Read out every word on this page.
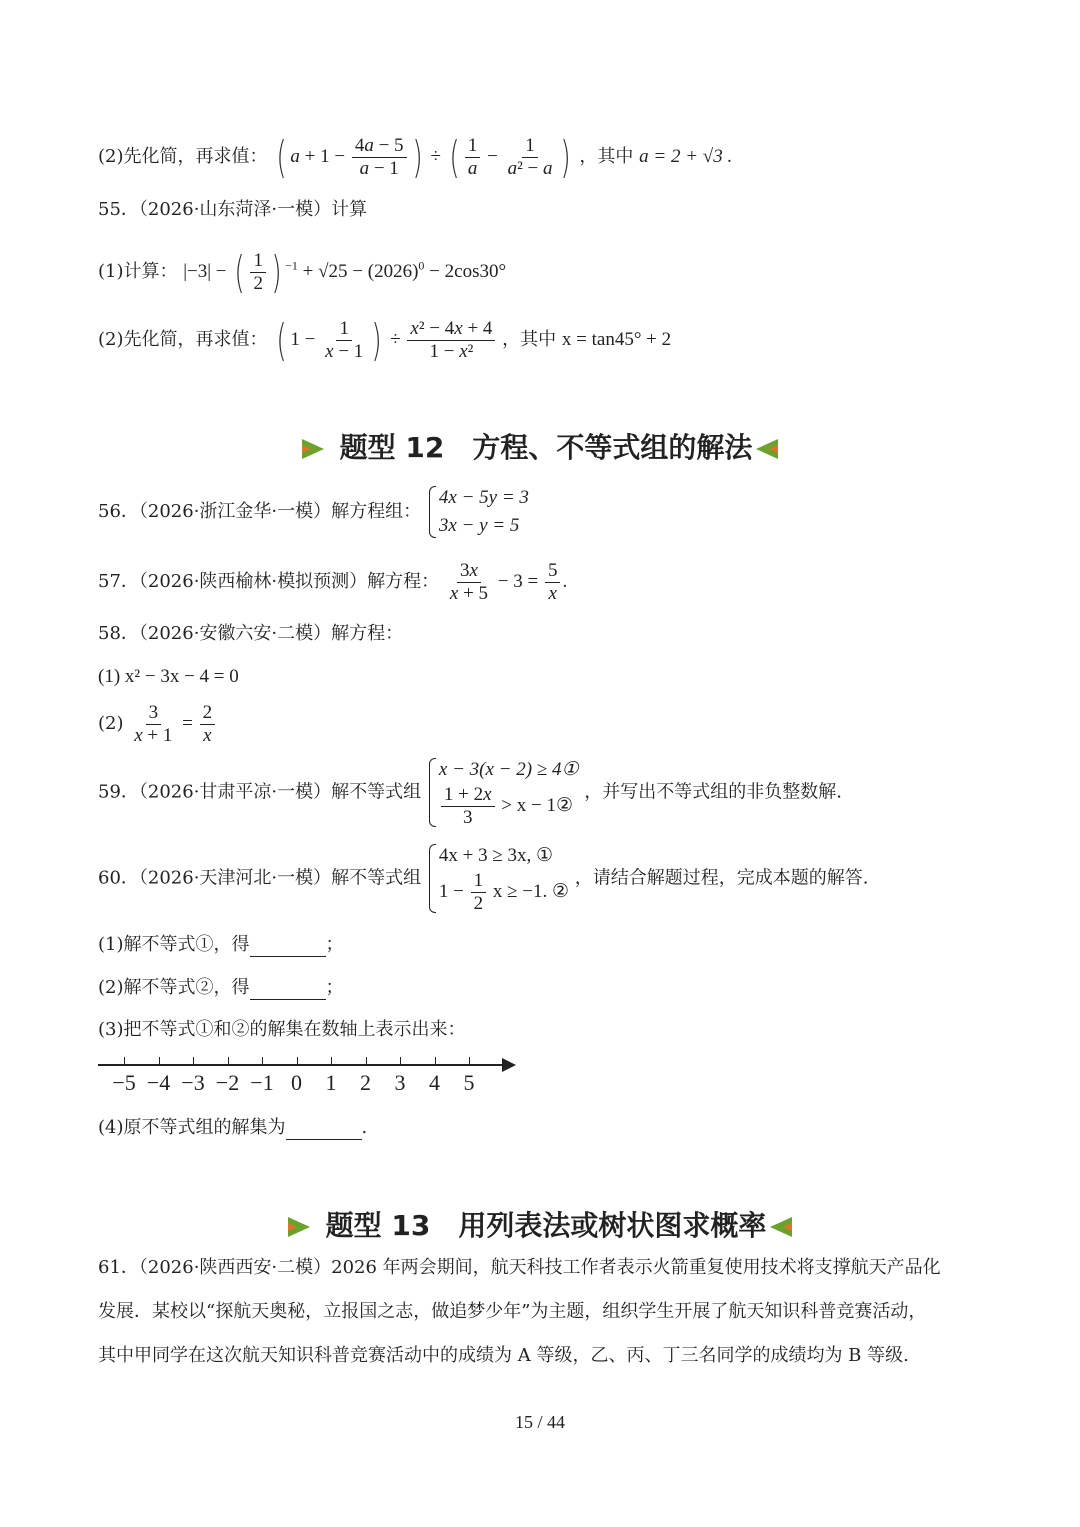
(2)先化简，再求值： ( $a + 1 - \frac{4a - 5}{a - 1}$ ) ÷ ( $\frac{1}{a} - \frac{1}{\text{a² − a}}$ ) ，其中 a = 2 + √3 .
55．（2026·山东菏泽·一模）计算
(1)计算： |−3| − ( $\frac{1}{2}$ ) $^{-1} + √25 - (2026)^0 - 2\cos 30^\circ$
(2)先化简，再求值： ( $1 - \frac{1}{x - 1}$ ) ÷ $\frac{\text{x² − 4x + 4}}{\text{1 − x²}}$ ，其中 x = tan45° + 2
题型 12　方程、不等式组的解法
56．（2026·浙江金华·一模）解方程组：
4x − 5y = 3
3x − y = 5
57．（2026·陕西榆林·模拟预测）解方程： $\frac{3x}{x + 5} - 3 = \frac{5}{x}$ .
58．（2026·安徽六安·二模）解方程：
(1) x² − 3x − 4 = 0
$(2) \frac{3}{x + 1} = \frac{2}{x}$
59．（2026·甘肃平凉·一模）解不等式组
x − 3(x − 2) ≥ 4①
$\frac{1 + 2x}{3} > x$ − 1②
，并写出不等式组的非负整数解.
60．（2026·天津河北·一模）解不等式组
4x + 3 ≥ 3x, ①
$1 - \frac{1}{2}$ x ≥ −1. ②
，请结合解题过程，完成本题的解答.
(1)解不等式①，得	；
(2)解不等式②，得	；
(3)把不等式①和②的解集在数轴上表示出来：
−5 −4 −3 −2 −1 0 1 2 3 4 5
(4)原不等式组的解集为	.
题型 13　用列表法或树状图求概率
61．（2026·陕西西安·二模）2026 年两会期间，航天科技工作者表示火箭重复使用技术将支撑航天产品化
发展．某校以“探航天奥秘，立报国之志，做追梦少年”为主题，组织学生开展了航天知识科普竞赛活动，
其中甲同学在这次航天知识科普竞赛活动中的成绩为 A 等级，乙、丙、丁三名同学的成绩均为 B 等级.
15 / 44
